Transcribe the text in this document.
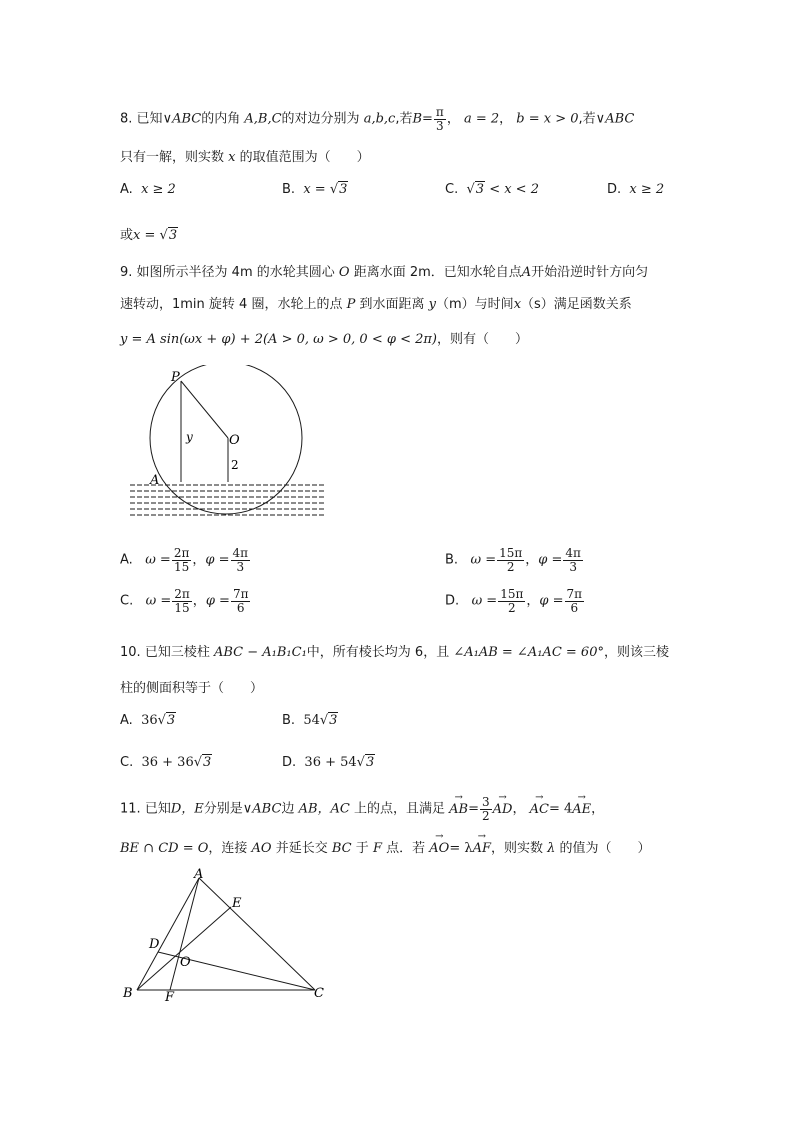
8. 已知∨ABC的内角 A,B,C的对边分别为 a,b,c,若$B= \frac{\pi}{3}$ ， a = 2， b = x > 0,若∨ABC
只有一解，则实数 x 的取值范围为（　　）
A. x ≥ 2	B. x = √3	C. √3 < x < 2	D. x ≥ 2
或x = √3
9. 如图所示半径为 4m 的水轮其圆心 O 距离水面 2m．已知水轮自点A开始沿逆时针方向匀
速转动，1min 旋转 4 圈，水轮上的点 P 到水面距离 y（m）与时间x（s）满足函数关系
y = A sin(ωx + φ) + 2(A > 0, ω > 0, 0 < φ < 2π)，则有（　　）
P
O
A
y
2
A. $\omega = \frac{2\pi}{15}$ ，$\varphi = \frac{4\pi}{3}$	B. $\omega = \frac{15\pi}{2}$ ，$\varphi = \frac{4\pi}{3}$
C. $\omega = \frac{2\pi}{15}$ ，$\varphi = \frac{7\pi}{6}$	D. $\omega = \frac{15\pi}{2}$ ，$\varphi = \frac{7\pi}{6}$
10. 已知三棱柱 ABC − A₁B₁C₁中，所有棱长均为 6，且 ∠A₁AB = ∠A₁AC = 60°，则该三棱
柱的侧面积等于（　　）
A. 36√3	B. 54√3
C. 36 + 36√3	D. 36 + 54√3
11. 已知D，E分别是∨ABC边 AB，AC 上的点，且满足 → $AB= \frac{3}{2}$ → AD， → AC= 4→ AE，
BE ∩ CD = O，连接 AO 并延长交 BC 于 F 点．若 → AO= λ→ AF，则实数 λ 的值为（　　）
A
E
D
O
B F	C
